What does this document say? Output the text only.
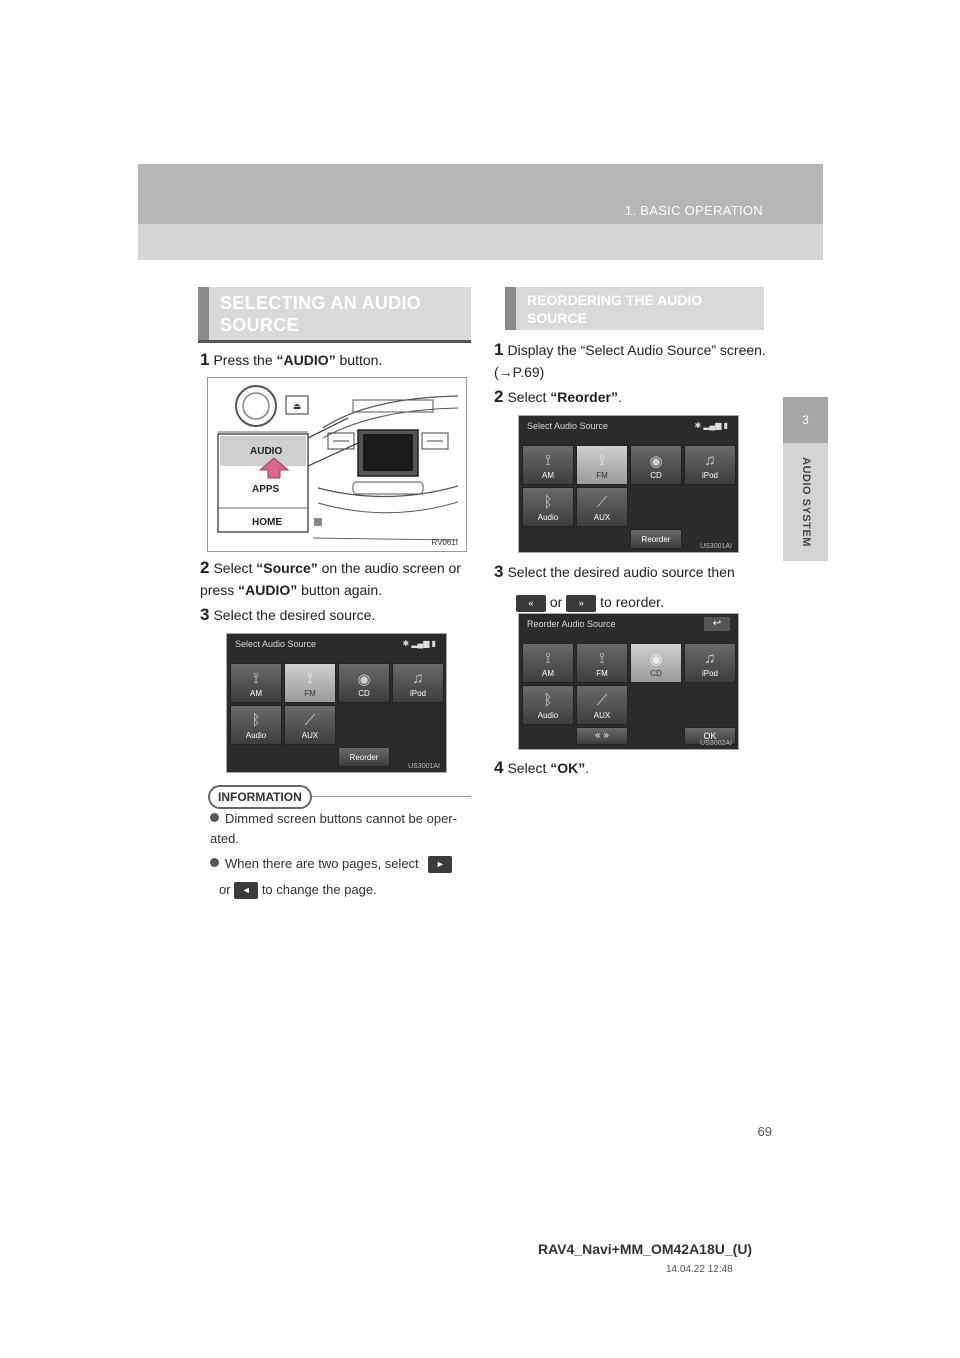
1. BASIC OPERATION
3
AUDIO SYSTEM
SELECTING AN AUDIO SOURCE
1 Press the “AUDIO” button.
⏏
AUDIO
APPS
HOME
RV061I
2 Select “Source” on the audio screen or press “AUDIO” button again.
3 Select the desired source.
Select Audio Source	✱ ▂▄▆ ▮
⟟
AM
⟟
FM
◉
CD
♫
iPod
ᛒ
Audio
⟋
AUX
Reorder
US3001AI
INFORMATION
Dimmed screen buttons cannot be oper-ated.
When there are two pages, select ►
or ◄ to change the page.
REORDERING THE AUDIO SOURCE
1 Display the “Select Audio Source” screen. (→P.69)
2 Select “Reorder”.
Select Audio Source	✱ ▂▄▆ ▮
⟟
AM
⟟
FM
◉
CD
♫
iPod
ᛒ
Audio
⟋
AUX
Reorder
US3001AI
3 Select the desired audio source then
« or » to reorder.
Reorder Audio Source	↩
⟟
AM
⟟
FM
◉
CD
♫
iPod
ᛒ
Audio
⟋
AUX
« »	OK
US3002AI
4 Select “OK”.
69
RAV4_Navi+MM_OM42A18U_(U)
14.04.22 12:48
